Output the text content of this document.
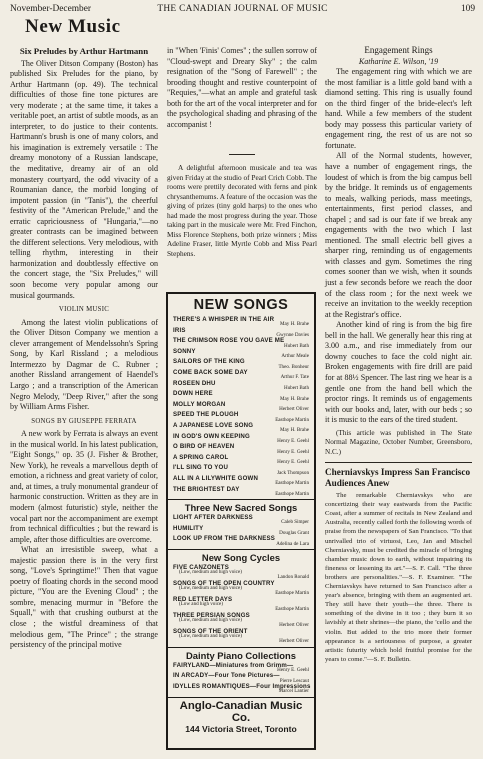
November-December	THE CANADIAN JOURNAL OF MUSIC	109
New Music
Six Preludes by Arthur Hartmann

The Oliver Ditson Company (Boston) has published Six Preludes for the piano, by Arthur Hartmann (op. 49). The technical difficulties of those fine tone pictures are very moderate ; at the same time, it takes a veritable poet, an artist of subtle moods, as an interpreter, to do justice to their contents. Hartmann's brush is one of many colors, and his imagination is extremely versatile : The dreamy monotony of a Russian landscape, the meditative, dreamy air of an old monastery courtyard, the odd vivacity of a Roumanian dance, the morbid longing of impotent passion (in "Tanis"), the cheerful festivity of the "American Prelude," and the erratic capriciousness of "Hungaria,"—no greater contrasts can be imagined between the different selections. Very melodious, with telling rhythm, interesting in their harmonization and doubtlessly effective on the concert stage, the "Six Preludes," will soon become very popular among our musical gourmands.

VIOLIN MUSIC

Among the latest violin publications of the Oliver Ditson Company we mention a clever arrangement of Mendelssohn's Spring Song, by Karl Rissland ; a melodious Intermezzo by Dagmar de C. Rubner ; another Rissland arrangement of Haendel's Largo ; and a transcription of the American Negro Melody, "Deep River," after the song by William Arms Fisher.

SONGS BY GIUSEPPE FERRATA

A new work by Ferrata is always an event in the musical world. In his latest publication, "Eight Songs," op. 35 (J. Fisher & Brother, New York), he reveals a marvellous depth of emotion, a richness and great variety of color, and, at times, a truly monumental grandeur of harmonic construction. Written as they are in modern (almost futuristic) style, neither the vocal part nor the accompaniment are exempt from technical difficulties ; but the reward is ample, after those difficulties are overcome.

What an irresistible sweep, what a majestic passion there is in the very first song, "Love's Springtime!" Then that vague poetry of floating chords in the second mood picture, "You are the Evening Cloud" ; the sombre, menacing murmur in "Before the Squall," with that crushing outburst at the close ; the wistful dreaminess of that melodious gem, "The Prince" ; the strange persistency of the principal motive

in "When 'Finis' Comes" ; the sullen sorrow of "Cloud-swept and Dreary Sky" ; the calm resignation of the "Song of Farewell" ; the brooding thought and restive counterpoint of "Requies,"—what an ample and grateful task both for the art of the vocal interpreter and for the psychological shading and phrasing of the accompanist !

A delightful afternoon musicale and tea was given Friday at the studio of Pearl Crich Cobb. The rooms were prettily decorated with ferns and pink chrysanthemums. A feature of the occasion was the giving of prizes (tiny gold harps) to the ones who had made the most progress during the year. Those taking part in the musicale were Mr. Fred Finchon, Miss Florence Stephens, both prize winners ; Miss Adeline Fraser, little Myrtle Cobb and Miss Pearl Stephens.

NEW SONGS
THERE'S A WHISPER IN THE AIR
May H. Brahe
IRIS
Gwynne Davies
THE CRIMSON ROSE YOU GAVE ME
Hubert Bath
SONNY
Arthur Meale
SAILORS OF THE KING
Theo. Bonheur
COME BACK SOME DAY
Arthur F. Tate
ROSEEN DHU
Hubert Bath
DOWN HERE
May H. Brahe
MOLLY MORGAN
Herbert Oliver
SPEED THE PLOUGH
Easthope Martin
A JAPANESE LOVE SONG
May H. Brahe
IN GOD'S OWN KEEPING
Henry E. Geehl
O BIRD OF HEAVEN
Henry E. Geehl
A SPRING CAROL
Henry E. Geehl
I'LL SING TO YOU
Jack Thompson
ALL IN A LILYWHITE GOWN
Easthope Martin
THE BRIGHTEST DAY
Easthope Martin
Three New Sacred Songs
LIGHT AFTER DARKNESS
Caleb Simper
HUMILITY
Douglas Grant
LOOK UP FROM THE DARKNESS
Adelina de Lara
New Song Cycles
FIVE CANZONETS
(Low, medium and high voice)
Landon Ronald
SONGS OF THE OPEN COUNTRY
(Low, medium and high voice)
Easthope Martin
RED LETTER DAYS
(Low and high voice)
Easthope Martin
THREE PERSIAN SONGS
(Low, medium and high voice)
Herbert Oliver
SONGS OF THE ORIENT
(Low, medium and high voice)
Herbert Oliver
Dainty Piano Collections
FAIRYLAND—Miniatures from Grimm—
Henry E. Geehl
IN ARCADY—Four Tone Pictures—
Pierre Lescaut
IDYLLES ROMANTIQUES—Four Impressions
Marcel Lantier
Anglo-Canadian Music Co.
144 Victoria Street, Toronto
Engagement Rings
Katharine E. Wilson, '19

The engagement ring with which we are the most familiar is a little gold band with a diamond setting. This ring is usually found on the third finger of the bride-elect's left hand. While a few members of the student body may possess this particular variety of engagement ring, the rest of us are not so fortunate.

All of the Normal students, however, have a number of engagement rings, the loudest of which is from the big campus bell by the bridge. It reminds us of engagements to meals, walking periods, mass meetings, entertainments, first period classes, and chapel ; and sad is our fate if we break any engagements with the two which I last mentioned. The small electric bell gives a sharper ring, reminding us of engagements with classes and gym. Sometimes the ring comes sooner than we wish, when it sounds just a few seconds before we reach the door of the class room ; for the next week we receive an invitation to the weekly reception at the Registrar's office.

Another kind of ring is from the big fire bell in the hall. We generally hear this ring at 3.00 a.m., and rise immediately from our downy couches to face the cold night air. Broken engagements with fire drill are paid for at 88½ Spencer. The last ring we hear is a gentle one from the hand bell which the proctor rings. It reminds us of engagements with our books and, later, with our beds ; so it is music to the ears of the tired student.

(This article was published in The State Normal Magazine, October Number, Greensboro, N.C.)

Cherniavskys Impress San Francisco Audiences Anew

The remarkable Cherniavskys who are concertizing their way eastwards from the Pacific Coast, after a summer of recitals in New Zealand and Australia, recently called forth the following words of praise from the newspapers of San Francisco. "To that unrivalled trio of virtuosi, Leo, Jan and Mischel Cherniavsky, must be credited the miracle of bringing chamber music down to earth, without impairing its fineness or lessening its art."—S. F. Call. "The three brothers are personalities."—S. F. Examiner. "The Cherniavskys have returned to San Francisco after a year's absence, bringing with them an augmented art. They still have their youth—the three. There is something of the divine in it too ; they burn it so lavishly at their shrines—the piano, the 'cello and the violin. But added to the trio more their former appearance is a seriousness of purpose, a greater artistic futurity which hold fruitful promise for the years to come."—S. F. Bulletin.
